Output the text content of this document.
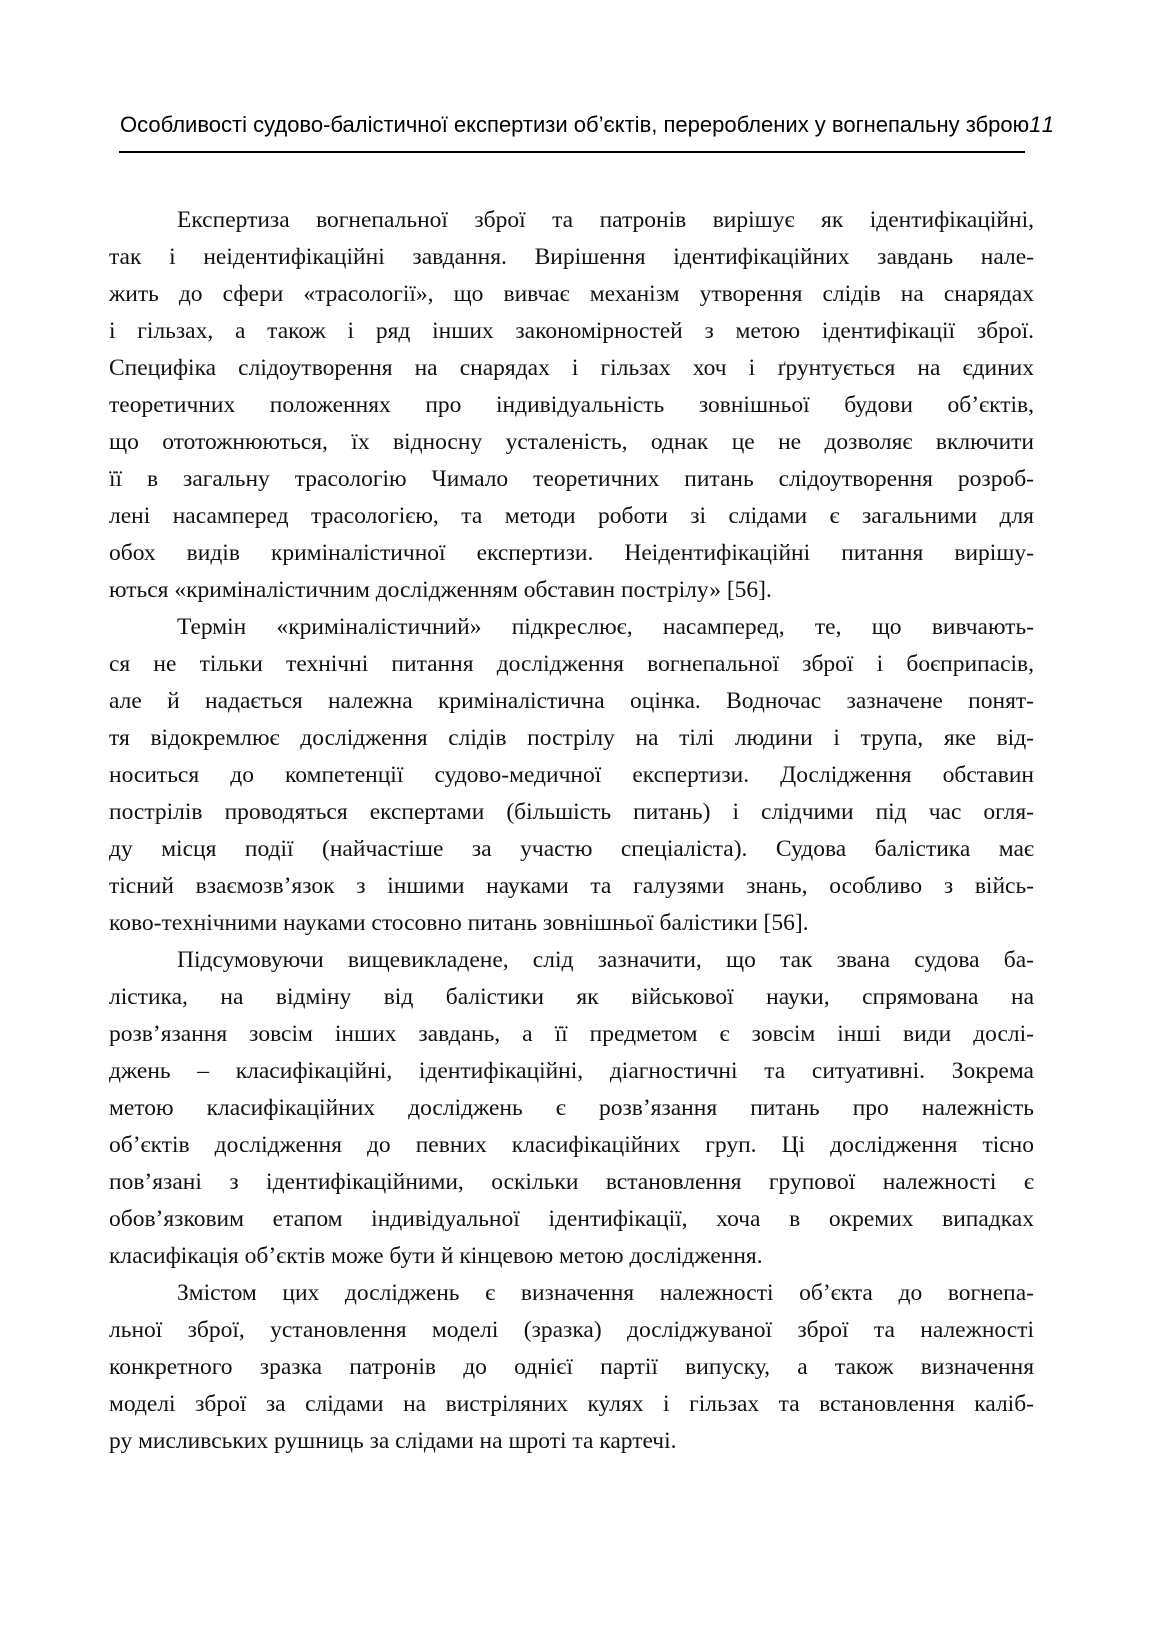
Особливості судово-балістичної експертизи об’єктів, перероблених у вогнепальну зброю 11
Експертиза вогнепальної зброї та патронів вирішує як ідентифікаційні,
так і неідентифікаційні завдання. Вирішення ідентифікаційних завдань нале-
жить до сфери «трасології», що вивчає механізм утворення слідів на снарядах
і гільзах, а також і ряд інших закономірностей з метою ідентифікації зброї.
Специфіка слідоутворення на снарядах і гільзах хоч і ґрунтується на єдиних
теоретичних положеннях про індивідуальність зовнішньої будови об’єктів,
що ототожнюються, їх відносну усталеність, однак це не дозволяє включити
її в загальну трасологію Чимало теоретичних питань слідоутворення розроб-
лені насамперед трасологією, та методи роботи зі слідами є загальними для
обох видів криміналістичної експертизи. Неідентифікаційні питання вирішу-
ються «криміналістичним дослідженням обставин пострілу» [56].
Термін «криміналістичний» підкреслює, насамперед, те, що вивчають-
ся не тільки технічні питання дослідження вогнепальної зброї і боєприпасів,
але й надається належна криміналістична оцінка. Водночас зазначене понят-
тя відокремлює дослідження слідів пострілу на тілі людини і трупа, яке від-
носиться до компетенції судово-медичної експертизи. Дослідження обставин
пострілів проводяться експертами (більшість питань) і слідчими під час огля-
ду місця події (найчастіше за участю спеціаліста). Судова балістика має
тісний взаємозв’язок з іншими науками та галузями знань, особливо з війсь-
ково-технічними науками стосовно питань зовнішньої балістики [56].
Підсумовуючи вищевикладене, слід зазначити, що так звана судова ба-
лістика, на відміну від балістики як військової науки, спрямована на
розв’язання зовсім інших завдань, а її предметом є зовсім інші види дослі-
джень – класифікаційні, ідентифікаційні, діагностичні та ситуативні. Зокрема
метою класифікаційних досліджень є розв’язання питань про належність
об’єктів дослідження до певних класифікаційних груп. Ці дослідження тісно
пов’язані з ідентифікаційними, оскільки встановлення групової належності є
обов’язковим етапом індивідуальної ідентифікації, хоча в окремих випадках
класифікація об’єктів може бути й кінцевою метою дослідження.
Змістом цих досліджень є визначення належності об’єкта до вогнепа-
льної зброї, установлення моделі (зразка) досліджуваної зброї та належності
конкретного зразка патронів до однієї партії випуску, а також визначення
моделі зброї за слідами на вистріляних кулях і гільзах та встановлення каліб-
ру мисливських рушниць за слідами на шроті та картечі.
